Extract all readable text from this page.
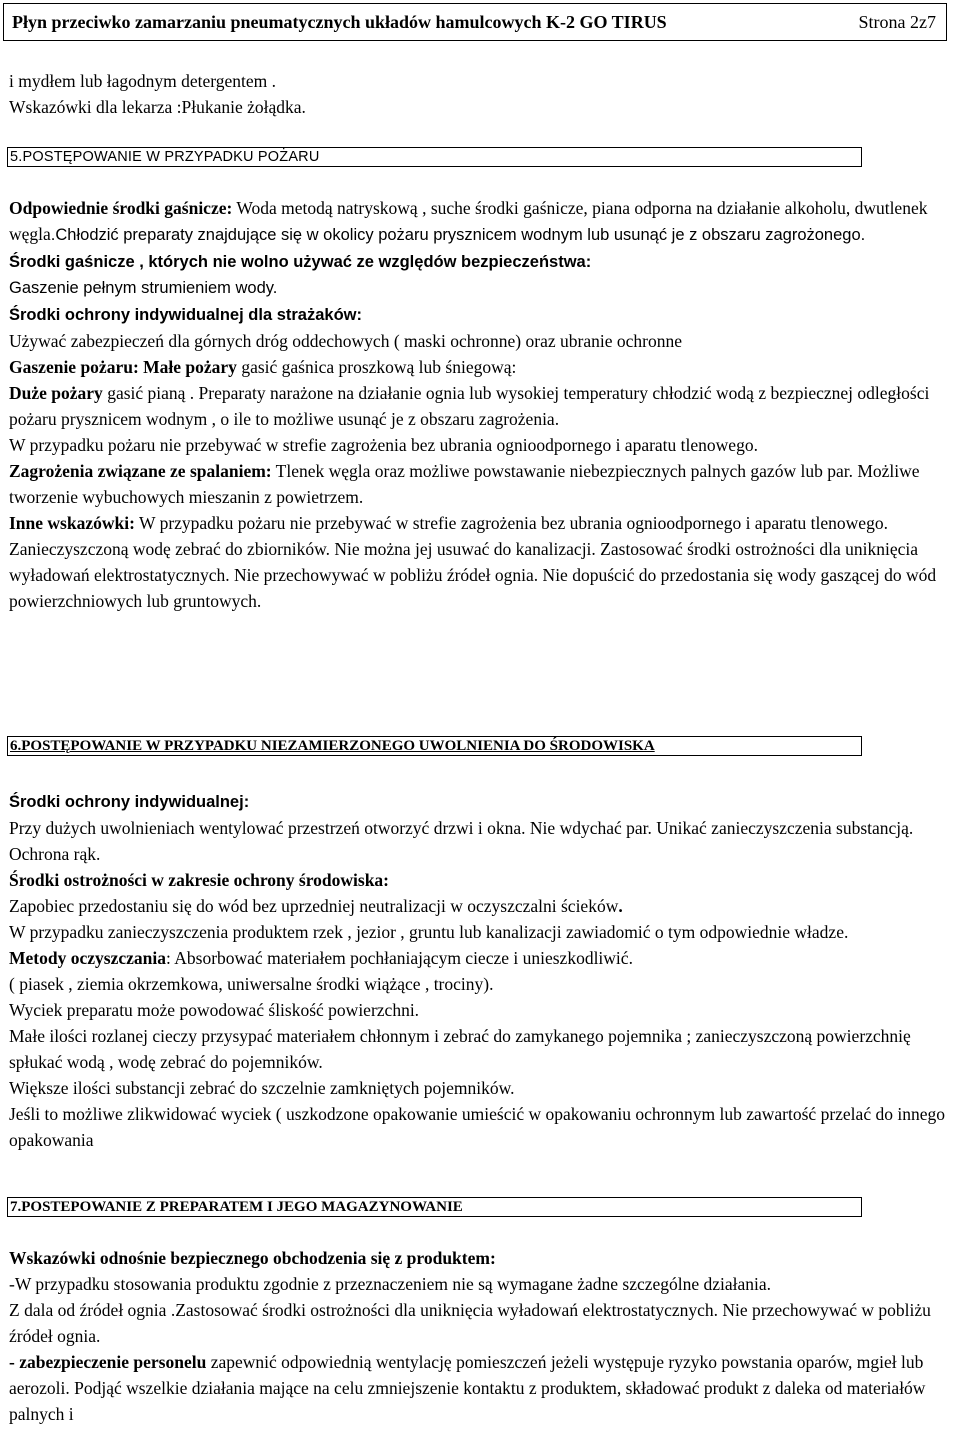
Płyn przeciwko zamarzaniu pneumatycznych układów hamulcowych K-2 GO TIRUS	Strona 2z7

i mydłem lub łagodnym detergentem .

Wskazówki dla lekarza :Płukanie żołądka.

5.POSTĘPOWANIE W PRZYPADKU POŻARU

Odpowiednie środki gaśnicze: Woda metodą natryskową , suche środki gaśnicze, piana odporna na działanie alkoholu, dwutlenek węgla.Chłodzić preparaty znajdujące się w okolicy pożaru prysznicem wodnym lub usunąć je z obszaru zagrożonego.

Środki gaśnicze , których nie wolno używać ze względów bezpieczeństwa:

Gaszenie pełnym strumieniem wody.

Środki ochrony indywidualnej dla strażaków:

Używać zabezpieczeń dla górnych dróg oddechowych ( maski ochronne) oraz ubranie ochronne

Gaszenie pożaru: Małe pożary gasić gaśnica proszkową lub śniegową:

Duże pożary gasić pianą . Preparaty narażone na działanie ognia lub wysokiej temperatury chłodzić wodą z bezpiecznej odległości pożaru prysznicem wodnym , o ile to możliwe usunąć je z obszaru zagrożenia.

W przypadku pożaru nie przebywać w strefie zagrożenia bez ubrania ognioodpornego i aparatu tlenowego.

Zagrożenia związane ze spalaniem: Tlenek węgla oraz możliwe powstawanie niebezpiecznych palnych gazów lub par. Możliwe tworzenie wybuchowych mieszanin z powietrzem.

Inne wskazówki: W przypadku pożaru nie przebywać w strefie zagrożenia bez ubrania ognioodpornego i aparatu tlenowego. Zanieczyszczoną wodę zebrać do zbiorników. Nie można jej usuwać do kanalizacji. Zastosować środki ostrożności dla uniknięcia wyładowań elektrostatycznych. Nie przechowywać w pobliżu źródeł ognia. Nie dopuścić do przedostania się wody gaszącej do wód powierzchniowych lub gruntowych.

6.POSTĘPOWANIE W PRZYPADKU NIEZAMIERZONEGO UWOLNIENIA DO ŚRODOWISKA

Środki ochrony indywidualnej:

Przy dużych uwolnieniach wentylować przestrzeń otworzyć drzwi i okna. Nie wdychać par. Unikać zanieczyszczenia substancją. Ochrona rąk.

Środki ostrożności w zakresie ochrony środowiska:

Zapobiec przedostaniu się do wód bez uprzedniej neutralizacji w oczyszczalni ścieków.

W przypadku zanieczyszczenia produktem rzek , jezior , gruntu lub kanalizacji zawiadomić o tym odpowiednie władze.

Metody oczyszczania: Absorbować materiałem pochłaniającym ciecze i unieszkodliwić.

( piasek , ziemia okrzemkowa, uniwersalne środki wiążące , trociny).

Wyciek preparatu może powodować śliskość powierzchni.

Małe ilości rozlanej cieczy przysypać materiałem chłonnym i zebrać do zamykanego pojemnika ; zanieczyszczoną powierzchnię spłukać wodą , wodę zebrać do pojemników.

Większe ilości substancji zebrać do szczelnie zamkniętych pojemników.

Jeśli to możliwe zlikwidować wyciek ( uszkodzone opakowanie umieścić w opakowaniu ochronnym lub zawartość przelać do innego opakowania

7.POSTEPOWANIE Z PREPARATEM I JEGO MAGAZYNOWANIE

Wskazówki odnośnie bezpiecznego obchodzenia się z produktem:

-W przypadku stosowania produktu zgodnie z przeznaczeniem nie są wymagane żadne szczególne działania.

Z dala od źródeł ognia .Zastosować środki ostrożności dla uniknięcia wyładowań elektrostatycznych. Nie przechowywać w pobliżu źródeł ognia.

- zabezpieczenie personelu zapewnić odpowiednią wentylację pomieszczeń jeżeli występuje ryzyko powstania oparów, mgieł lub aerozoli. Podjąć wszelkie działania mające na celu zmniejszenie kontaktu z produktem, składować produkt z daleka od materiałów palnych i
